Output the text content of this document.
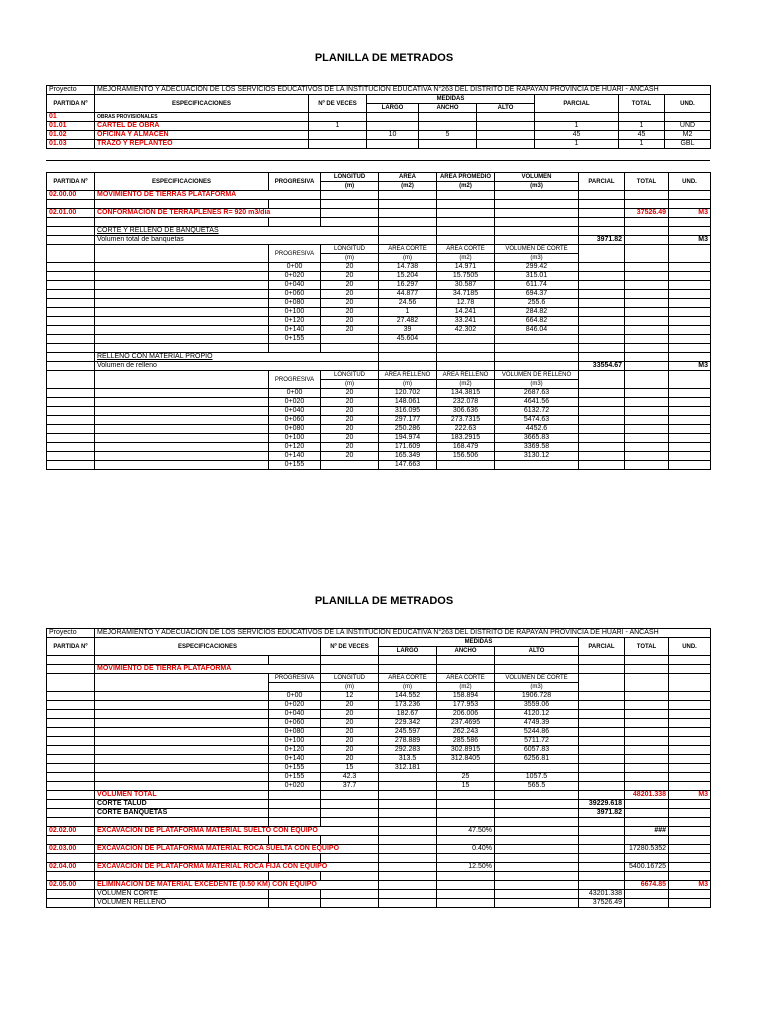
PLANILLA DE METRADOS
Proyecto	MEJORAMIENTO Y ADECUACION DE LOS SERVICIOS EDUCATIVOS DE LA INSTITUCION EDUCATIVA N°263 DEL DISTRITO DE RAPAYAN PROVINCIA DE HUARI - ANCASH							
PARTIDA Nº	ESPECIFICACIONES	Nº DE VECES	MEDIDAS			PARCIAL	TOTAL	UND.
			LARGO	ANCHO	ALTO			
01	OBRAS PROVISIONALES							
01.01	CARTEL DE OBRA	1				1	1	UND
01.02	OFICINA Y ALMACEN		10	5		45	45	M2
01.03	TRAZO Y REPLANTEO					1	1	GBL
PARTIDA Nº	ESPECIFICACIONES	PROGRESIVA	LONGITUD	AREA	AREA PROMEDIO	VOLUMEN	PARCIAL	TOTAL	UND.
			(m)	(m2)	(m2)	(m3)			
02.00.00	MOVIMIENTO DE TIERRAS PLATAFORMA								

02.01.00	CONFORMACION DE TERRAPLENES R= 920 m3/dia							37526.49	M3

	CORTE Y RELLENO DE BANQUETAS								
	Volumen total de banquetas						3971.82		M3
		PROGRESIVA	LONGITUD	AREA CORTE	AREA CORTE	VOLUMEN DE CORTE			
			(m)	(m)	(m2)	(m3)			
		0+00	20	14.738	14.971	299.42			
		0+020	20	15.204	15.7505	315.01			
		0+040	20	16.297	30.587	611.74			
		0+060	20	44.877	34.7185	694.37			
		0+080	20	24.56	12.78	255.6			
		0+100	20	1	14.241	284.82			
		0+120	20	27.482	33.241	664.82			
		0+140	20	39	42.302	846.04			
		0+155		45.604					

	RELLENO CON MATERIAL PROPIO								
	Volumen de relleno						33554.67		M3
		PROGRESIVA	LONGITUD	AREA RELLENO	AREA RELLENO	VOLUMEN DE RELLENO			
			(m)	(m)	(m2)	(m3)			
		0+00	20	120.702	134.3815	2687.63			
		0+020	20	148.061	232.078	4641.56			
		0+040	20	316.095	306.636	6132.72			
		0+060	20	297.177	273.7315	5474.63			
		0+080	20	250.286	222.63	4452.6			
		0+100	20	194.974	183.2915	3665.83			
		0+120	20	171.609	168.479	3369.58			
		0+140	20	165.349	156.506	3130.12			
		0+155		147.663					
PLANILLA DE METRADOS
Proyecto	MEJORAMIENTO Y ADECUACION DE LOS SERVICIOS EDUCATIVOS DE LA INSTITUCION EDUCATIVA N°263 DEL DISTRITO DE RAPAYAN PROVINCIA DE HUARI - ANCASH								
PARTIDA Nº	ESPECIFICACIONES		Nº DE VECES	MEDIDAS			PARCIAL	TOTAL	UND.
				LARGO	ANCHO	ALTO			

	MOVIMIENTO DE TIERRA PLATAFORMA								
		PROGRESIVA	LONGITUD	AREA CORTE	AREA CORTE	VOLUMEN DE CORTE			
			(m)	(m)	(m2)	(m3)			
		0+00	12	144.552	158.894	1906.728			
		0+020	20	173.236	177.953	3559.06			
		0+040	20	182.67	206.006	4120.12			
		0+060	20	229.342	237.4695	4749.39			
		0+080	20	245.597	262.243	5244.86			
		0+100	20	278.889	285.586	5711.72			
		0+120	20	292.283	302.8915	6057.83			
		0+140	20	313.5	312.8405	6256.81			
		0+155	15	312.181					
		0+155	42.3		25	1057.5			
		0+020	37.7		15	565.5			
	VOLUMEN TOTAL							48201.338	M3
	CORTE TALUD						39229.618		
	CORTE BANQUETAS						3971.82		

02.02.00	EXCAVACION DE PLATAFORMA MATERIAL SUELTO CON EQUIPO				47.50%			###	

02.03.00	EXCAVACION DE PLATAFORMA MATERIAL ROCA SUELTA CON EQUIPO				0.40%			17280.5352	

02.04.00	EXCAVACION DE PLATAFORMA MATERIAL ROCA FIJA CON EQUIPO				12.50%			5400.16725	

02.05.00	ELIMINACION DE MATERIAL EXCEDENTE (0.50 KM) CON EQUIPO							6674.85	M3
	VOLUMEN CORTE						43201.338		
	VOLUMEN RELLENO						37526.49		
